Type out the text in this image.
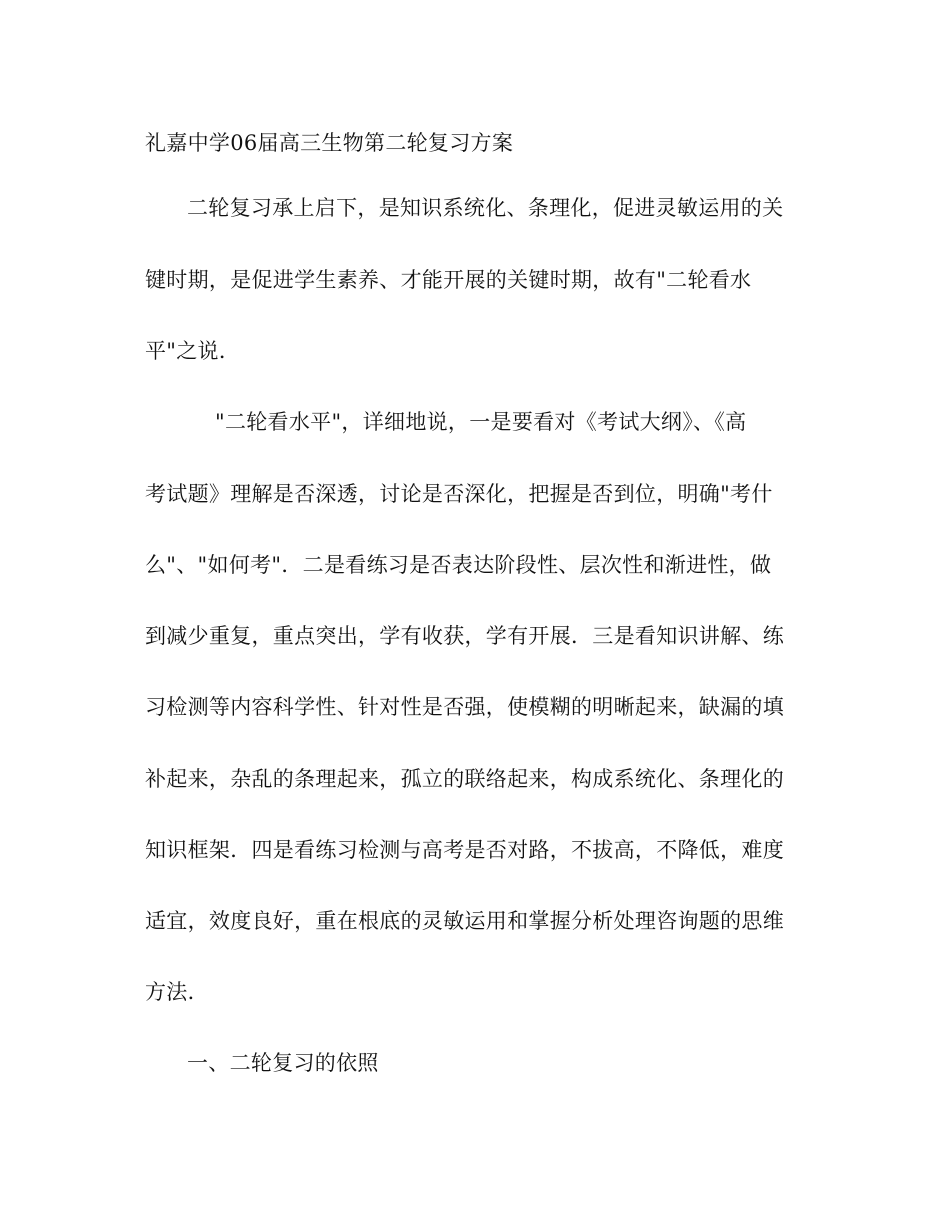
礼嘉中学06届高三生物第二轮复习方案

二轮复习承上启下，是知识系统化、条理化，促进灵敏运用的关

键时期，是促进学生素养、才能开展的关键时期，故有"二轮看水

平"之说．

"二轮看水平"，详细地说，一是要看对《考试大纲》、《高

考试题》理解是否深透，讨论是否深化，把握是否到位，明确"考什

么"、"如何考"．二是看练习是否表达阶段性、层次性和渐进性，做

到减少重复，重点突出，学有收获，学有开展．三是看知识讲解、练

习检测等内容科学性、针对性是否强，使模糊的明晰起来，缺漏的填

补起来，杂乱的条理起来，孤立的联络起来，构成系统化、条理化的

知识框架．四是看练习检测与高考是否对路，不拔高，不降低，难度

适宜，效度良好，重在根底的灵敏运用和掌握分析处理咨询题的思维

方法．

一、二轮复习的依照
